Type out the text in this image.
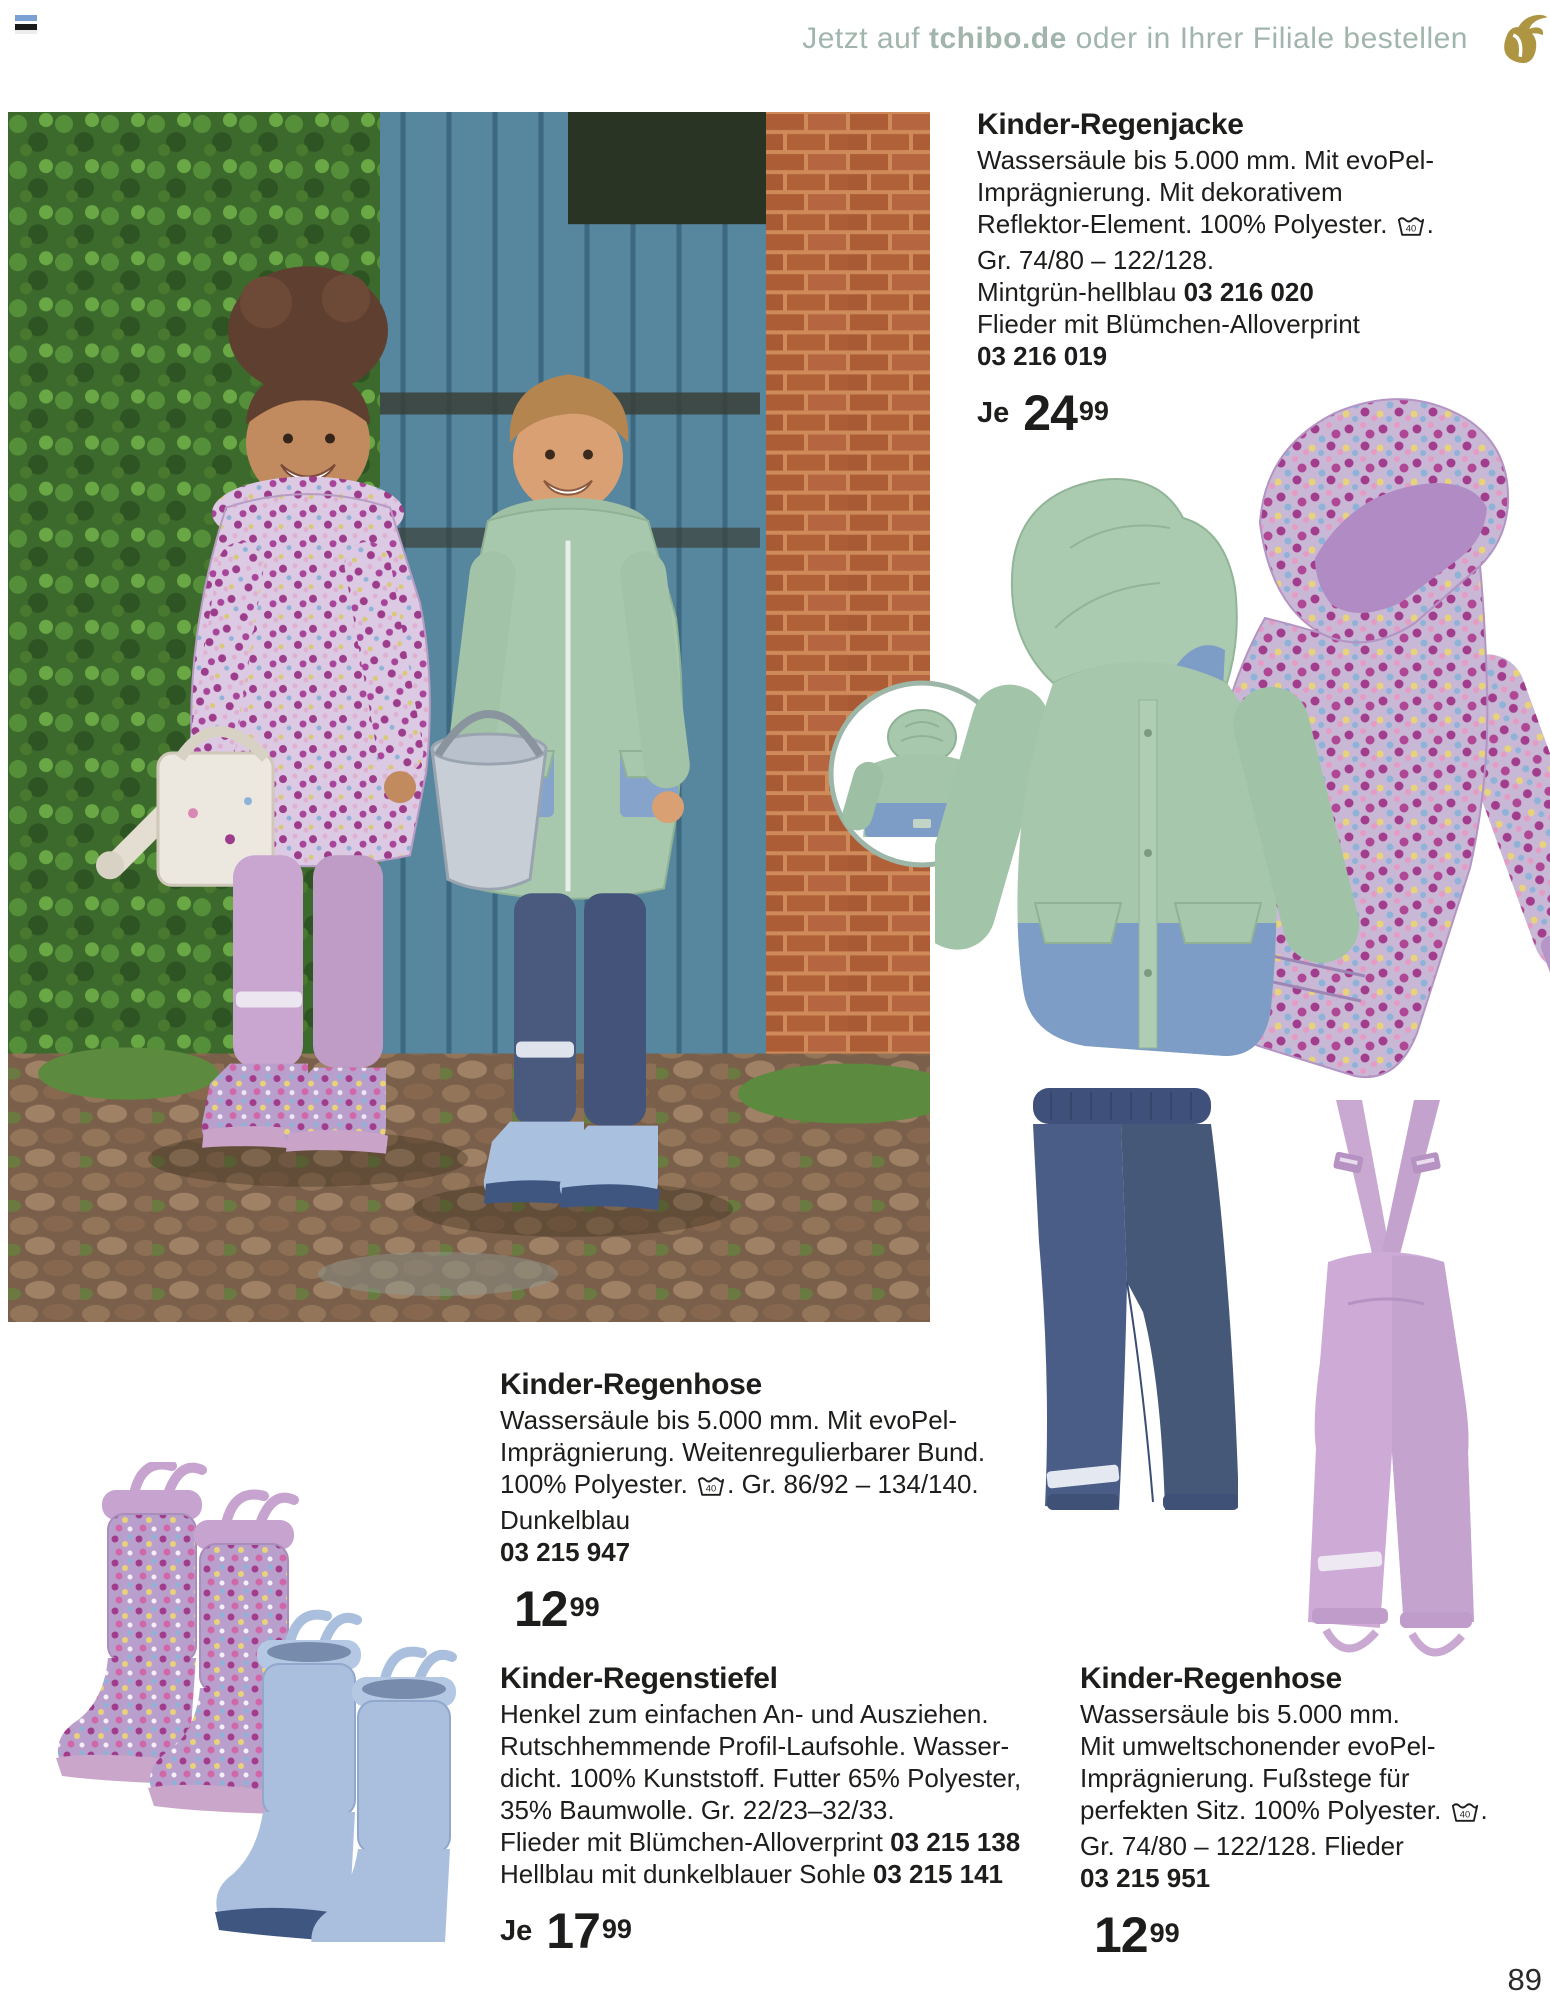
Jetzt auf tchibo.de oder in Ihrer Filiale bestellen
Kinder-Regenjacke
Wassersäule bis 5.000 mm. Mit evoPel-
Imprägnierung. Mit dekorativem
Reflektor-Element. 100% Polyester. 40 .
Gr. 74/80 – 122/128.
Mintgrün-hellblau 03 216 020
Flieder mit Blümchen-Alloverprint
03 216 019
Je $24^{99}$
Kinder-Regenhose
Wassersäule bis 5.000 mm. Mit evoPel-
Imprägnierung. Weitenregulierbarer Bund.
100% Polyester. 40 . Gr. 86/92 – 134/140.
Dunkelblau
03 215 947
$12^{99}$
Kinder-Regenstiefel
Henkel zum einfachen An- und Ausziehen.
Rutschhemmende Profil-Laufsohle. Wasser-
dicht. 100% Kunststoff. Futter 65% Polyester,
35% Baumwolle. Gr. 22/23–32/33.
Flieder mit Blümchen-Alloverprint 03 215 138
Hellblau mit dunkelblauer Sohle 03 215 141
Je $17^{99}$
Kinder-Regenhose
Wassersäule bis 5.000 mm.
Mit umweltschonender evoPel-
Imprägnierung. Fußstege für
perfekten Sitz. 100% Polyester. 40 .
Gr. 74/80 – 122/128. Flieder
03 215 951
$12^{99}$
89
